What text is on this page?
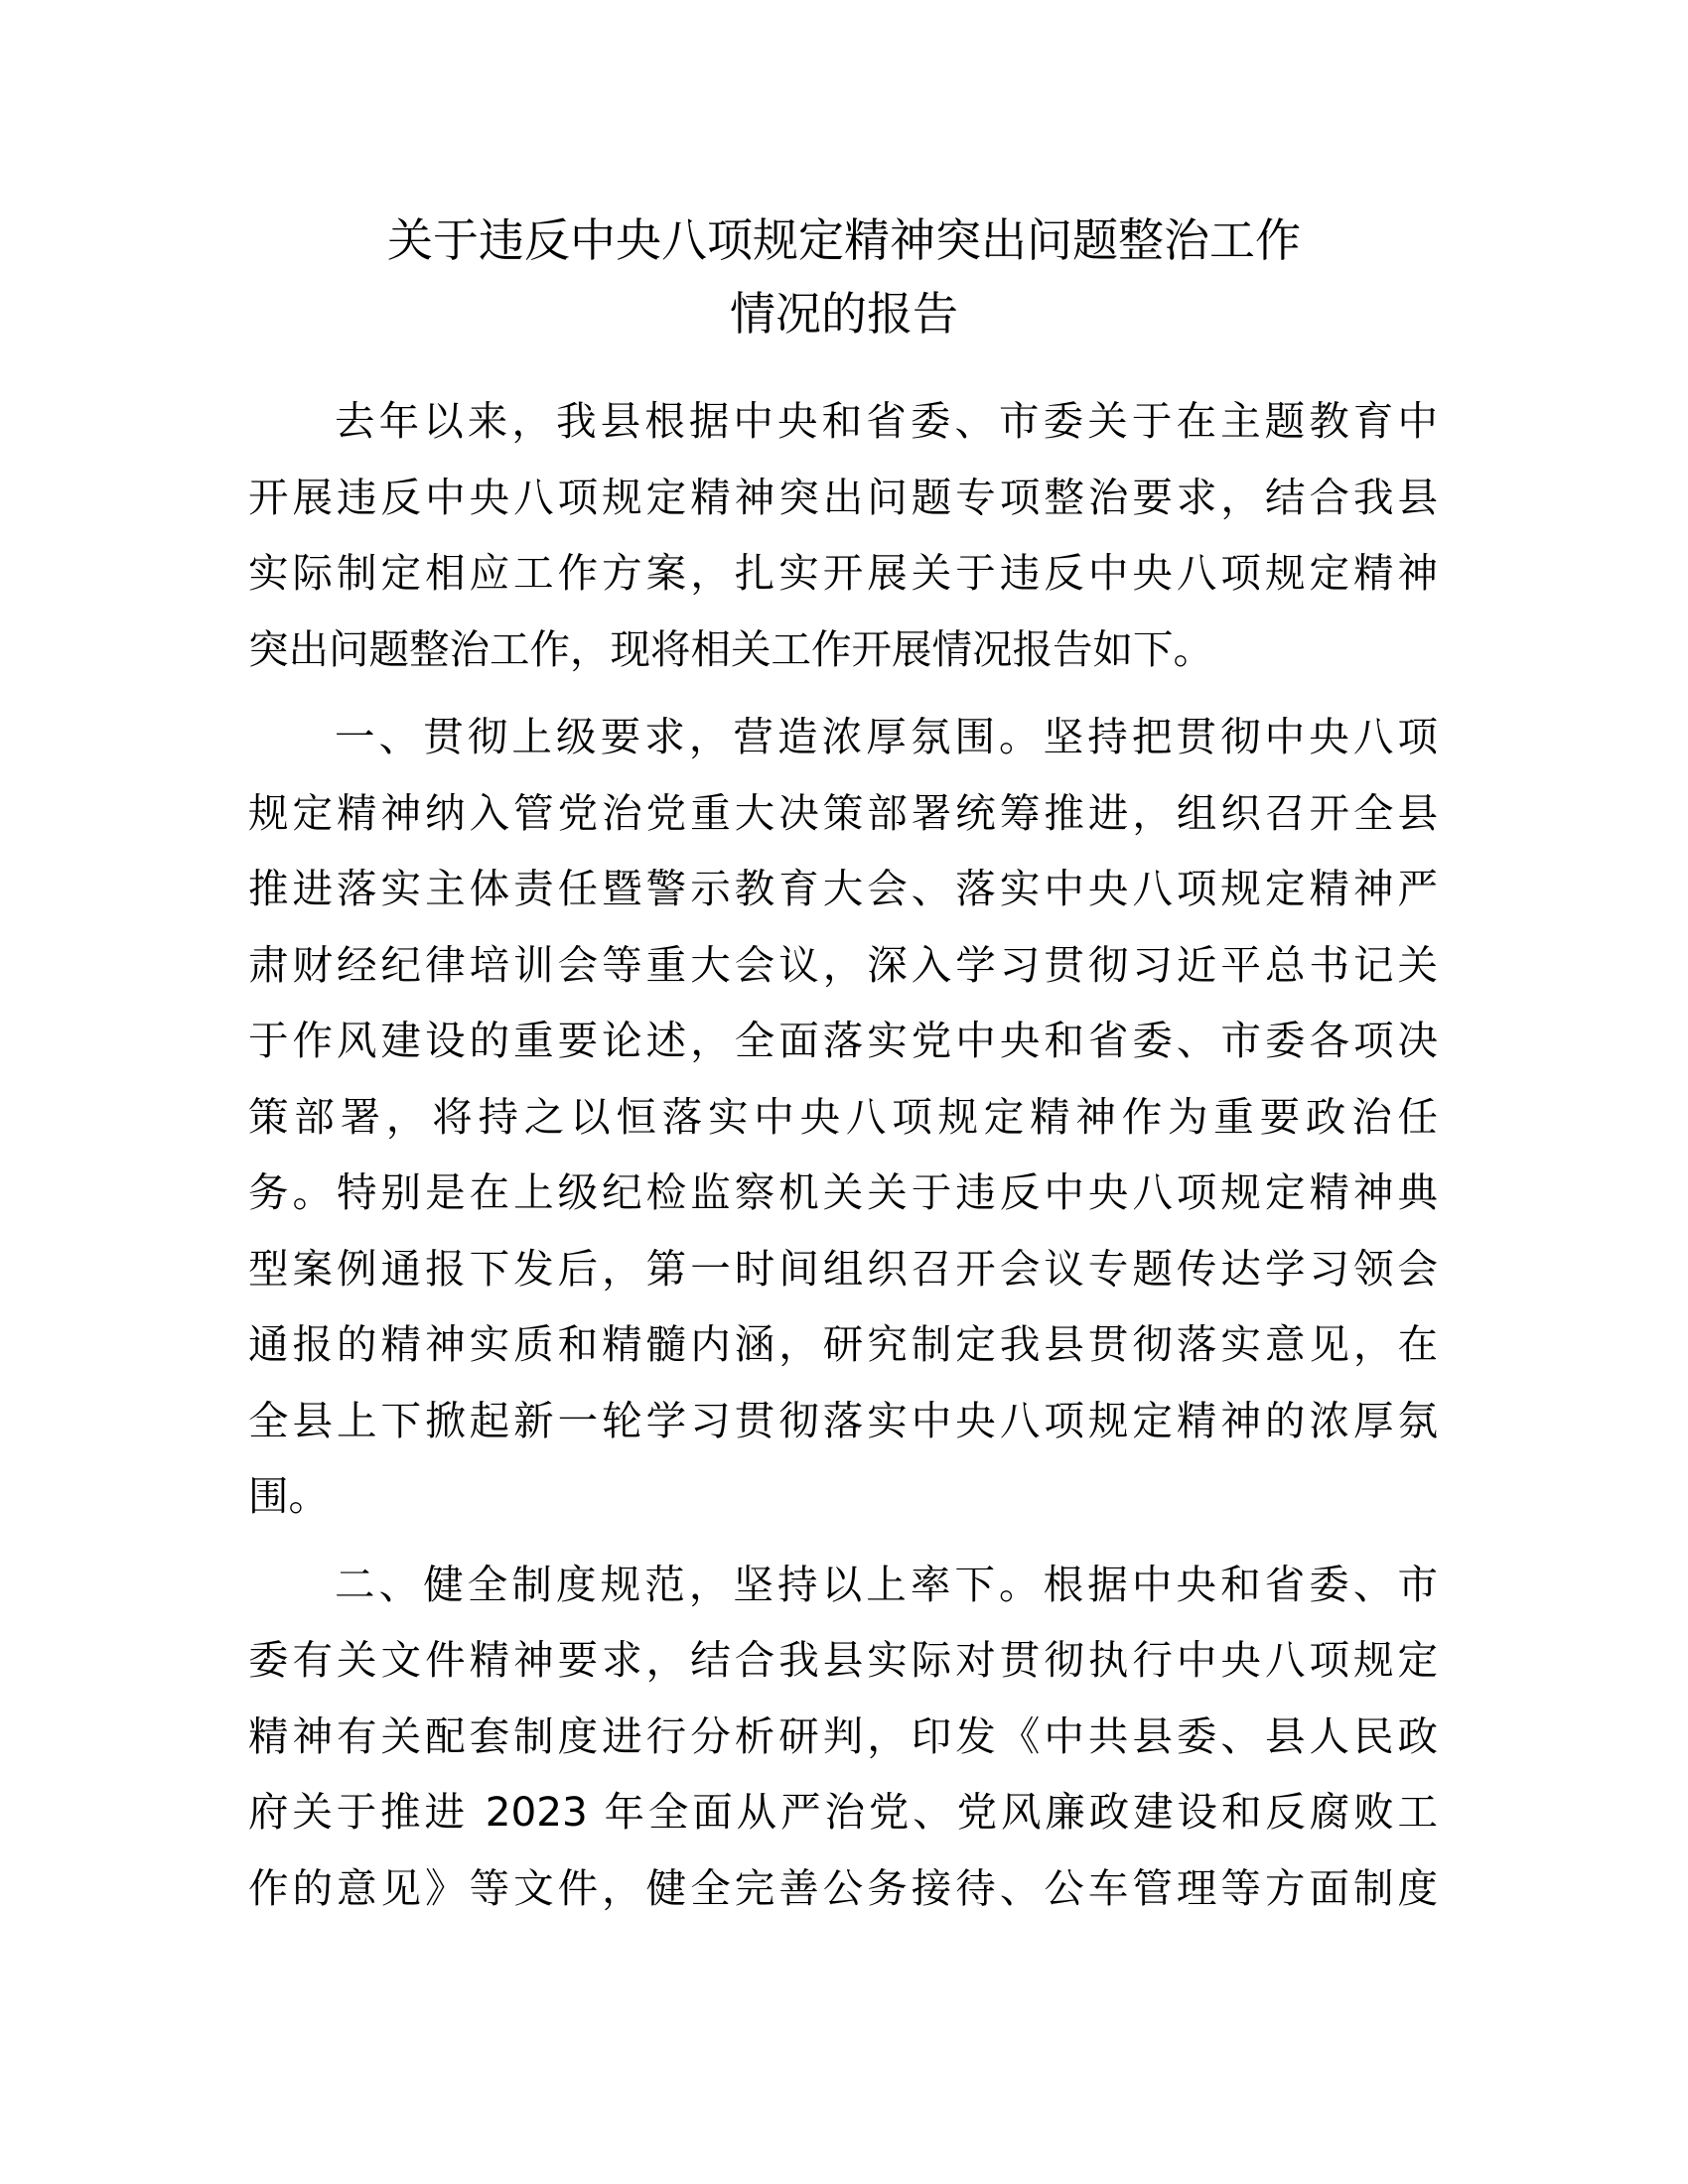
关于违反中央八项规定精神突出问题整治工作
情况的报告
去年以来，我县根据中央和省委、市委关于在主题教育中
开展违反中央八项规定精神突出问题专项整治要求，结合我县
实际制定相应工作方案，扎实开展关于违反中央八项规定精神
突出问题整治工作，现将相关工作开展情况报告如下。
一、贯彻上级要求，营造浓厚氛围。坚持把贯彻中央八项
规定精神纳入管党治党重大决策部署统筹推进，组织召开全县
推进落实主体责任暨警示教育大会、落实中央八项规定精神严
肃财经纪律培训会等重大会议，深入学习贯彻习近平总书记关
于作风建设的重要论述，全面落实党中央和省委、市委各项决
策部署，将持之以恒落实中央八项规定精神作为重要政治任
务。特别是在上级纪检监察机关关于违反中央八项规定精神典
型案例通报下发后，第一时间组织召开会议专题传达学习领会
通报的精神实质和精髓内涵，研究制定我县贯彻落实意见，在
全县上下掀起新一轮学习贯彻落实中央八项规定精神的浓厚氛
围。
二、健全制度规范，坚持以上率下。根据中央和省委、市
委有关文件精神要求，结合我县实际对贯彻执行中央八项规定
精神有关配套制度进行分析研判，印发《中共县委、县人民政
府关于推进 2023 年全面从严治党、党风廉政建设和反腐败工
作的意见》等文件，健全完善公务接待、公车管理等方面制度
